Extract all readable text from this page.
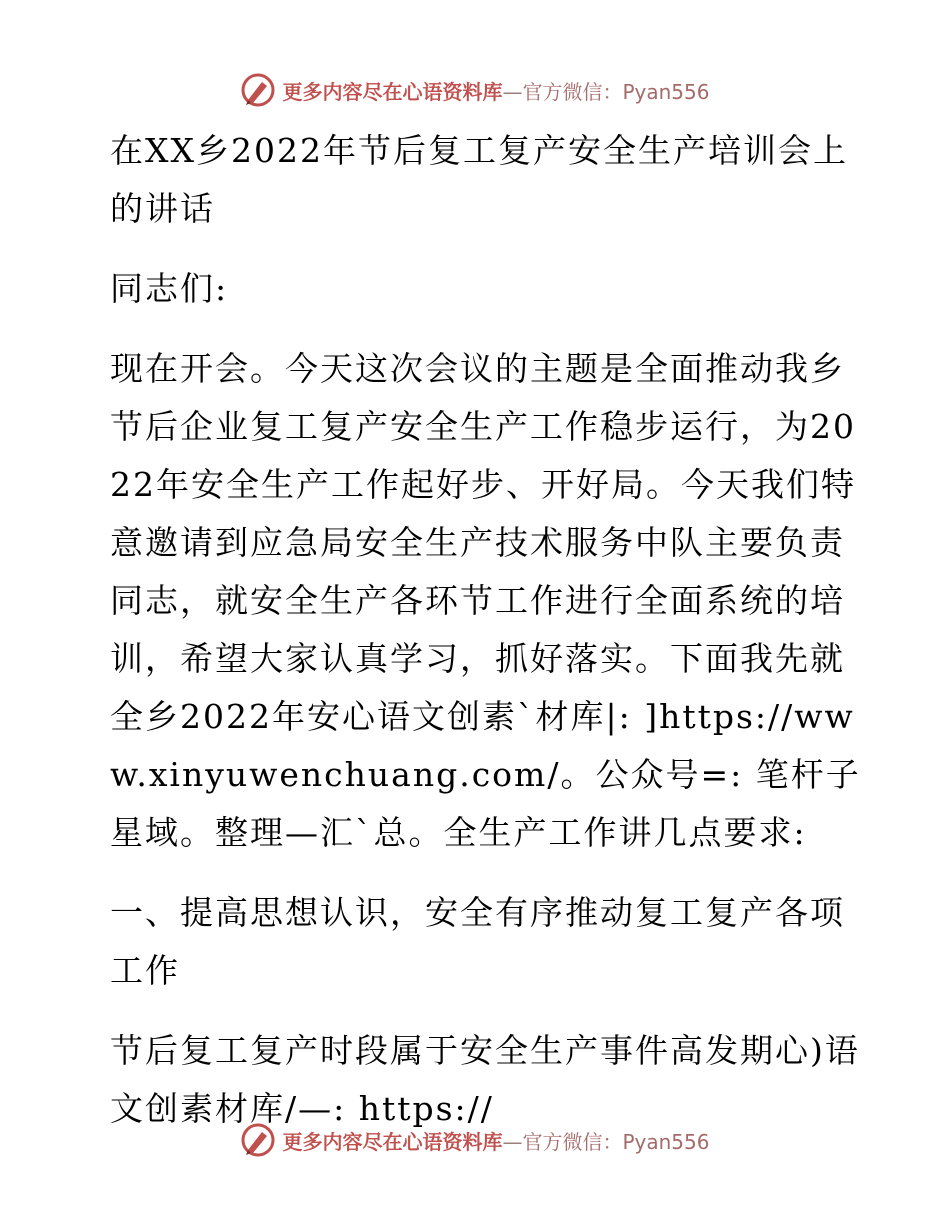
更多内容尽在心语资料库—官方微信：Pyan556

在XX乡2022年节后复工复产安全生产培训会上的讲话

同志们:

现在开会。今天这次会议的主题是全面推动我乡节后企业复工复产安全生产工作稳步运行，为2022年安全生产工作起好步、开好局。今天我们特意邀请到应急局安全生产技术服务中队主要负责同志，就安全生产各环节工作进行全面系统的培训，希望大家认真学习，抓好落实。下面我先就全乡2022年安心语文创素`材库|: ]https://www.xinyuwenchuang.com/。公众号=: 笔杆子星域。整理—汇`总。全生产工作讲几点要求:

一、提高思想认识，安全有序推动复工复产各项工作

节后复工复产时段属于安全生产事件高发期心)语文创素材库/—: https://

更多内容尽在心语资料库—官方微信：Pyan556
